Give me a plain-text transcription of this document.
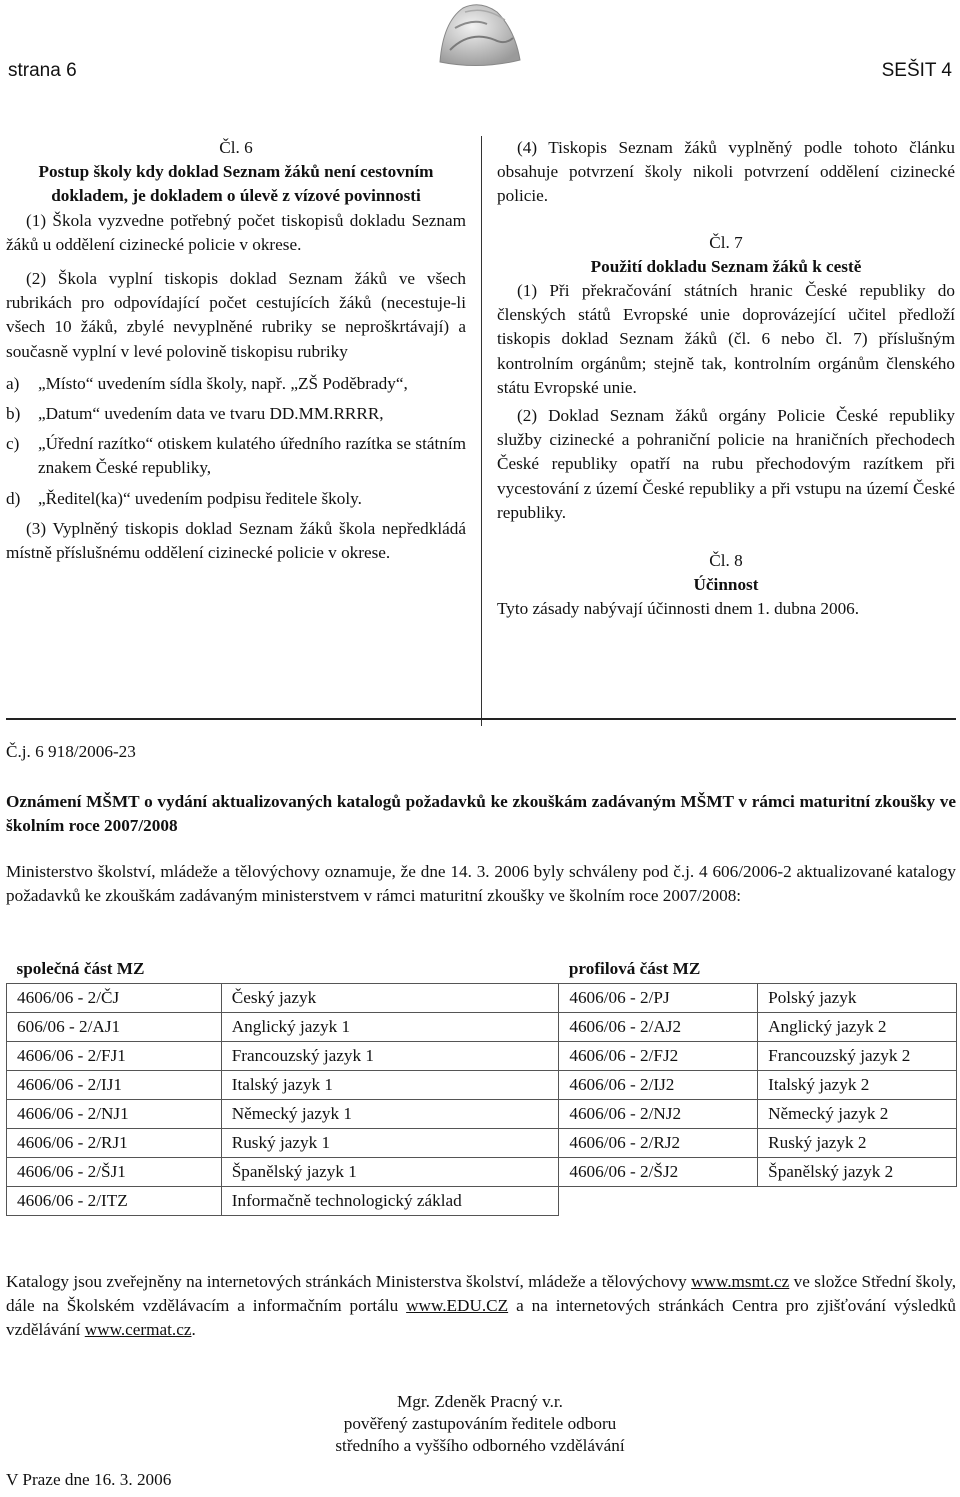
strana 6	SEŠIT 4

Čl. 6

Postup školy kdy doklad Seznam žáků není cestovním dokladem, je dokladem o úlevě z vízové povinnosti

(1) Škola vyzvedne potřebný počet tiskopisů dokladu Seznam žáků u oddělení cizinecké policie v okrese.

(2) Škola vyplní tiskopis doklad Seznam žáků ve všech rubrikách pro odpovídající počet cestujících žáků (necestuje-li všech 10 žáků, zbylé nevyplněné rubriky se neproškrtávají) a současně vyplní v levé polovině tiskopisu rubriky

a) „Místo“ uvedením sídla školy, např. „ZŠ Poděbrady“,
b) „Datum“ uvedením data ve tvaru DD.MM.RRRR,
c) „Úřední razítko“ otiskem kulatého úředního razítka se státním znakem České republiky,
d) „Ředitel(ka)“ uvedením podpisu ředitele školy.

(3) Vyplněný tiskopis doklad Seznam žáků škola nepředkládá místně příslušnému oddělení cizinecké policie v okrese.

(4) Tiskopis Seznam žáků vyplněný podle tohoto článku obsahuje potvrzení školy nikoli potvrzení oddělení cizinecké policie.

Čl. 7

Použití dokladu Seznam žáků k cestě

(1) Při překračování státních hranic České republiky do členských států Evropské unie doprovázející učitel předloží tiskopis doklad Seznam žáků (čl. 6 nebo čl. 7) příslušným kontrolním orgánům; stejně tak, kontrolním orgánům členského státu Evropské unie.

(2) Doklad Seznam žáků orgány Policie České republiky služby cizinecké a pohraniční policie na hraničních přechodech České republiky opatří na rubu přechodovým razítkem při vycestování z území České republiky a při vstupu na území České republiky.

Čl. 8

Účinnost

Tyto zásady nabývají účinnosti dnem 1. dubna 2006.

Č.j. 6 918/2006-23
Oznámení MŠMT o vydání aktualizovaných katalogů požadavků ke zkouškám zadávaným MŠMT v rámci maturitní zkoušky ve školním roce 2007/2008
Ministerstvo školství, mládeže a tělovýchovy oznamuje, že dne 14. 3. 2006 byly schváleny pod č.j. 4 606/2006-2 aktualizované katalogy požadavků ke zkouškám zadávaným ministerstvem v rámci maturitní zkoušky ve školním roce 2007/2008:
společná část MZ		profilová část MZ	
4606/06 - 2/ČJ	Český jazyk	4606/06 - 2/PJ	Polský jazyk
606/06 - 2/AJ1	Anglický jazyk 1	4606/06 - 2/AJ2	Anglický jazyk 2
4606/06 - 2/FJ1	Francouzský jazyk 1	4606/06 - 2/FJ2	Francouzský jazyk 2
4606/06 - 2/IJ1	Italský jazyk 1	4606/06 - 2/IJ2	Italský jazyk 2
4606/06 - 2/NJ1	Německý jazyk 1	4606/06 - 2/NJ2	Německý jazyk 2
4606/06 - 2/RJ1	Ruský jazyk 1	4606/06 - 2/RJ2	Ruský jazyk 2
4606/06 - 2/ŠJ1	Španělský jazyk 1	4606/06 - 2/ŠJ2	Španělský jazyk 2
4606/06 - 2/ITZ	Informačně technologický základ		
Katalogy jsou zveřejněny na internetových stránkách Ministerstva školství, mládeže a tělovýchovy www.msmt.cz ve složce Střední školy, dále na Školském vzdělávacím a informačním portálu www.EDU.CZ a na internetových stránkách Centra pro zjišťování výsledků vzdělávání www.cermat.cz.
Mgr. Zdeněk Pracný v.r.
pověřený zastupováním ředitele odboru
středního a vyššího odborného vzdělávání
V Praze dne 16. 3. 2006
